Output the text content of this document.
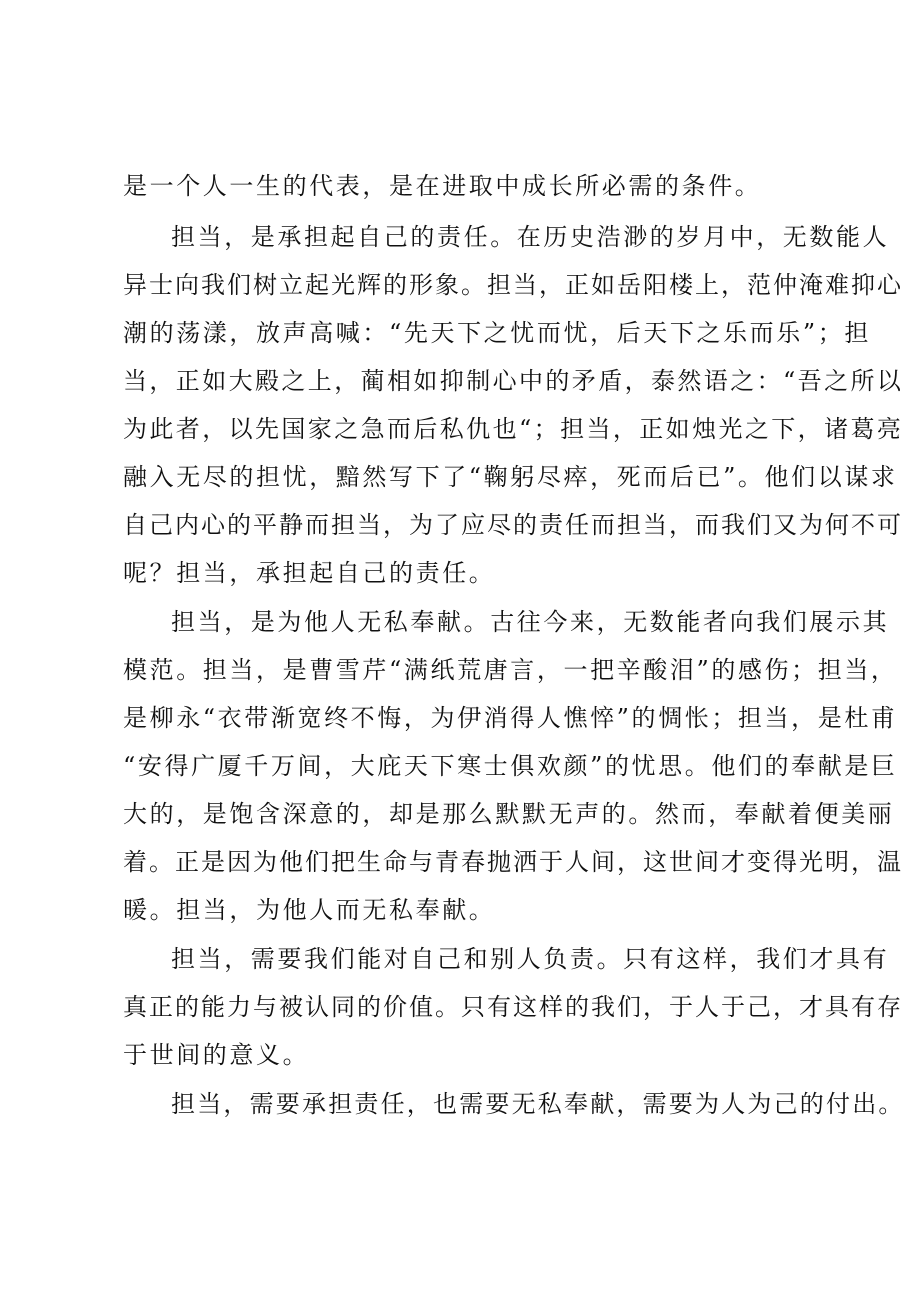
是一个人一生的代表，是在进取中成长所必需的条件。
担当，是承担起自己的责任。在历史浩渺的岁月中，无数能人
异士向我们树立起光辉的形象。担当，正如岳阳楼上，范仲淹难抑心
潮的荡漾，放声高喊：“先天下之忧而忧，后天下之乐而乐”；担
当，正如大殿之上，蔺相如抑制心中的矛盾，泰然语之：“吾之所以
为此者，以先国家之急而后私仇也“；担当，正如烛光之下，诸葛亮
融入无尽的担忧，黯然写下了“鞠躬尽瘁，死而后已”。他们以谋求
自己内心的平静而担当，为了应尽的责任而担当，而我们又为何不可
呢？担当，承担起自己的责任。
担当，是为他人无私奉献。古往今来，无数能者向我们展示其
模范。担当，是曹雪芹“满纸荒唐言，一把辛酸泪”的感伤；担当，
是柳永“衣带渐宽终不悔，为伊消得人憔悴”的惆怅；担当，是杜甫
“安得广厦千万间，大庇天下寒士俱欢颜”的忧思。他们的奉献是巨
大的，是饱含深意的，却是那么默默无声的。然而，奉献着便美丽
着。正是因为他们把生命与青春抛洒于人间，这世间才变得光明，温
暖。担当，为他人而无私奉献。
担当，需要我们能对自己和别人负责。只有这样，我们才具有
真正的能力与被认同的价值。只有这样的我们，于人于己，才具有存
于世间的意义。
担当，需要承担责任，也需要无私奉献，需要为人为己的付出。
